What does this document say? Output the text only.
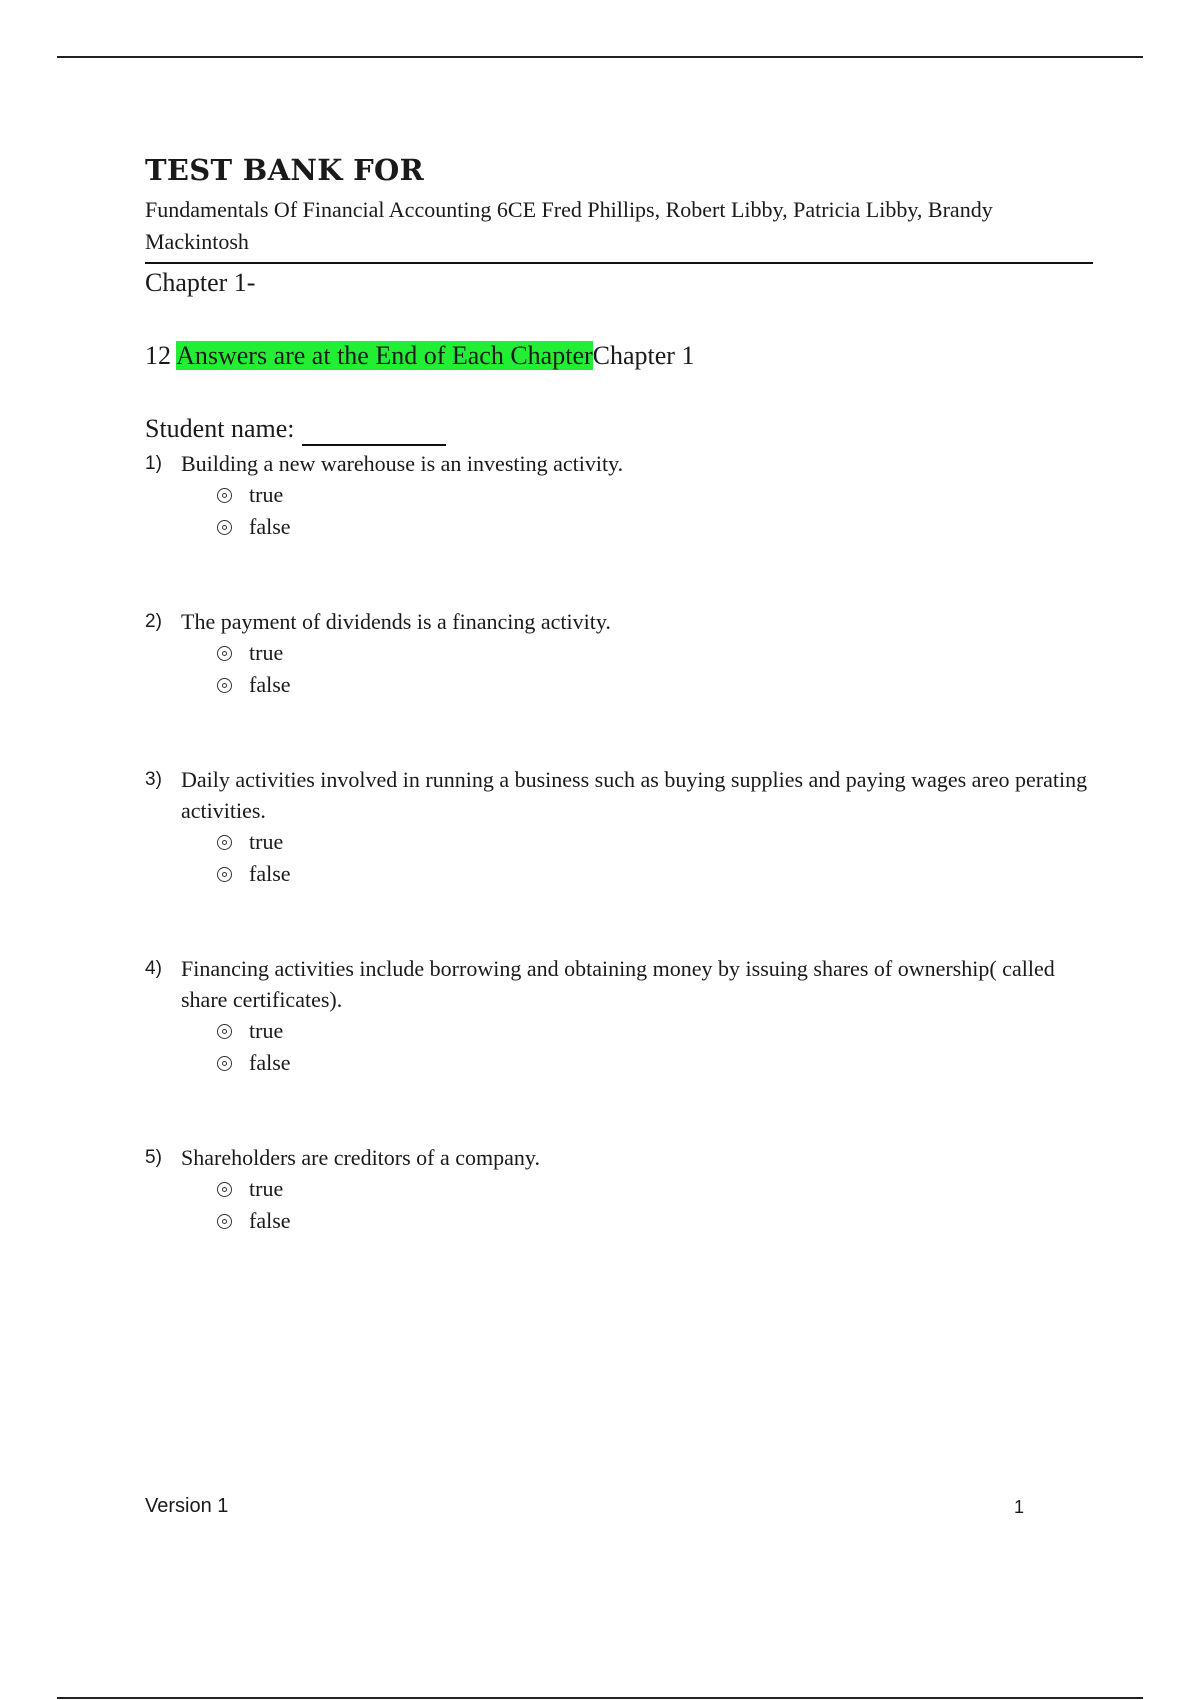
TEST BANK FOR
Fundamentals Of Financial Accounting 6CE Fred Phillips, Robert Libby, Patricia Libby, Brandy Mackintosh
Chapter 1-
12 Answers are at the End of Each ChapterChapter 1
Student name:
1) Building a new warehouse is an investing activity.
true
false
2) The payment of dividends is a financing activity.
true
false
3) Daily activities involved in running a business such as buying supplies and paying wages areo perating activities.
true
false
4) Financing activities include borrowing and obtaining money by issuing shares of ownership( called share certificates).
true
false
5) Shareholders are creditors of a company.
true
false
Version 1	1
